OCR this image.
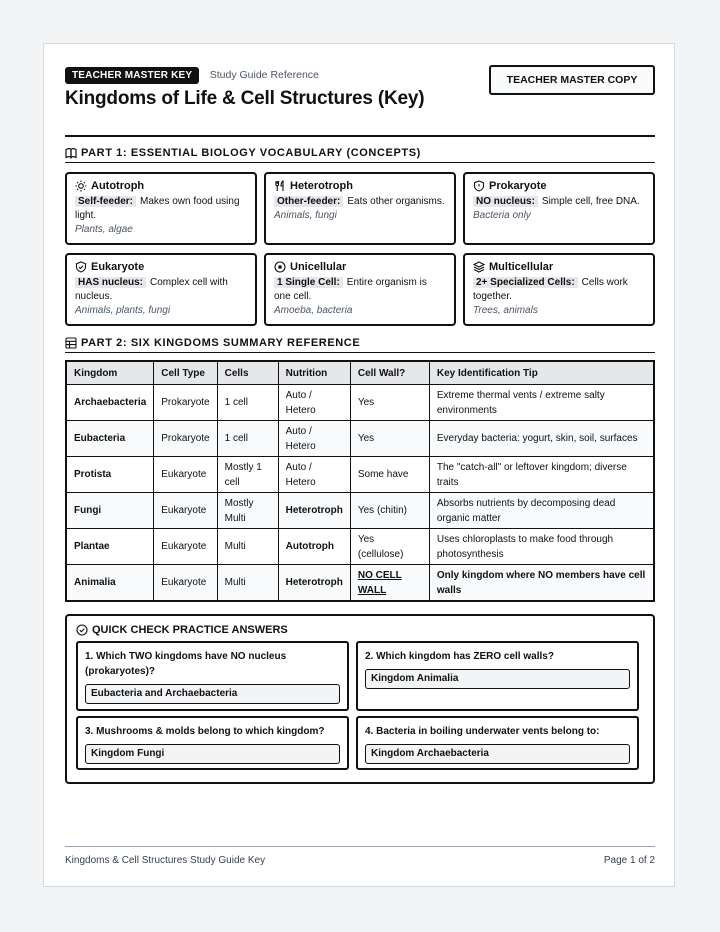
TEACHER MASTER KEY Study Guide Reference
Kingdoms of Life & Cell Structures (Key)
TEACHER MASTER COPY
PART 1: ESSENTIAL BIOLOGY VOCABULARY (CONCEPTS)
Autotroph
Self-feeder: Makes own food using light.
Plants, algae
Heterotroph
Other-feeder: Eats other organisms.
Animals, fungi
Prokaryote
NO nucleus: Simple cell, free DNA.
Bacteria only
Eukaryote
HAS nucleus: Complex cell with nucleus.
Animals, plants, fungi
Unicellular
1 Single Cell: Entire organism is one cell.
Amoeba, bacteria
Multicellular
2+ Specialized Cells: Cells work together.
Trees, animals
PART 2: SIX KINGDOMS SUMMARY REFERENCE
Kingdom	Cell Type	Cells	Nutrition	Cell Wall?	Key Identification Tip
Archaebacteria	Prokaryote	1 cell	Auto / Hetero	Yes	Extreme thermal vents / extreme salty environments
Eubacteria	Prokaryote	1 cell	Auto / Hetero	Yes	Everyday bacteria: yogurt, skin, soil, surfaces
Protista	Eukaryote	Mostly 1 cell	Auto / Hetero	Some have	The "catch-all" or leftover kingdom; diverse traits
Fungi	Eukaryote	Mostly Multi	Heterotroph	Yes (chitin)	Absorbs nutrients by decomposing dead organic matter
Plantae	Eukaryote	Multi	Autotroph	Yes (cellulose)	Uses chloroplasts to make food through photosynthesis
Animalia	Eukaryote	Multi	Heterotroph	NO CELL WALL	Only kingdom where NO members have cell walls
QUICK CHECK PRACTICE ANSWERS
1. Which TWO kingdoms have NO nucleus (prokaryotes)?
Eubacteria and Archaebacteria
2. Which kingdom has ZERO cell walls?
Kingdom Animalia
3. Mushrooms & molds belong to which kingdom?
Kingdom Fungi
4. Bacteria in boiling underwater vents belong to:
Kingdom Archaebacteria
Kingdoms & Cell Structures Study Guide Key	Page 1 of 2
